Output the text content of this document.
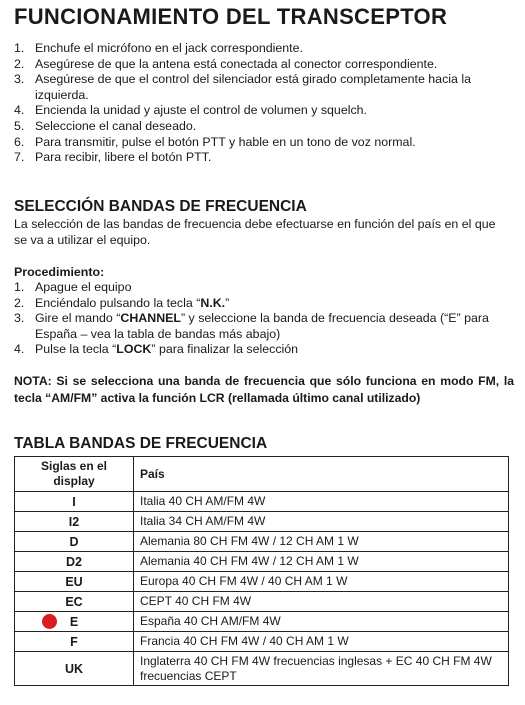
FUNCIONAMIENTO DEL TRANSCEPTOR
1. Enchufe el micrófono en el jack correspondiente.
2. Asegúrese de que la antena está conectada al conector correspondiente.
3. Asegúrese de que el control del silenciador está girado completamente hacia la izquierda.
4. Encienda la unidad y ajuste el control de volumen y squelch.
5. Seleccione el canal deseado.
6. Para transmitir, pulse el botón PTT y hable en un tono de voz normal.
7. Para recibir, libere el botón PTT.
SELECCIÓN BANDAS DE FRECUENCIA

La selección de las bandas de frecuencia debe efectuarse en función del país en el que se va a utilizar el equipo.

Procedimiento:

1. Apague el equipo
2. Enciéndalo pulsando la tecla “N.K.”
3. Gire el mando “CHANNEL” y seleccione la banda de frecuencia deseada (“E” para España – vea la tabla de bandas más abajo)
4. Pulse la tecla “LOCK” para finalizar la selección

NOTA: Si se selecciona una banda de frecuencia que sólo funciona en modo FM, la tecla “AM/FM” activa la función LCR (rellamada último canal utilizado)

TABLA BANDAS DE FRECUENCIA
Siglas en el display	País
I	Italia 40 CH AM/FM 4W
I2	Italia 34 CH AM/FM 4W
D	Alemania 80 CH FM 4W / 12 CH AM 1 W
D2	Alemania 40 CH FM 4W / 12 CH AM 1 W
EU	Europa 40 CH FM 4W / 40 CH AM 1 W
EC	CEPT 40 CH FM 4W

E	España 40 CH AM/FM 4W
F	Francia 40 CH FM 4W / 40 CH AM 1 W
UK	Inglaterra 40 CH FM 4W frecuencias inglesas + EC 40 CH FM 4W frecuencias CEPT
